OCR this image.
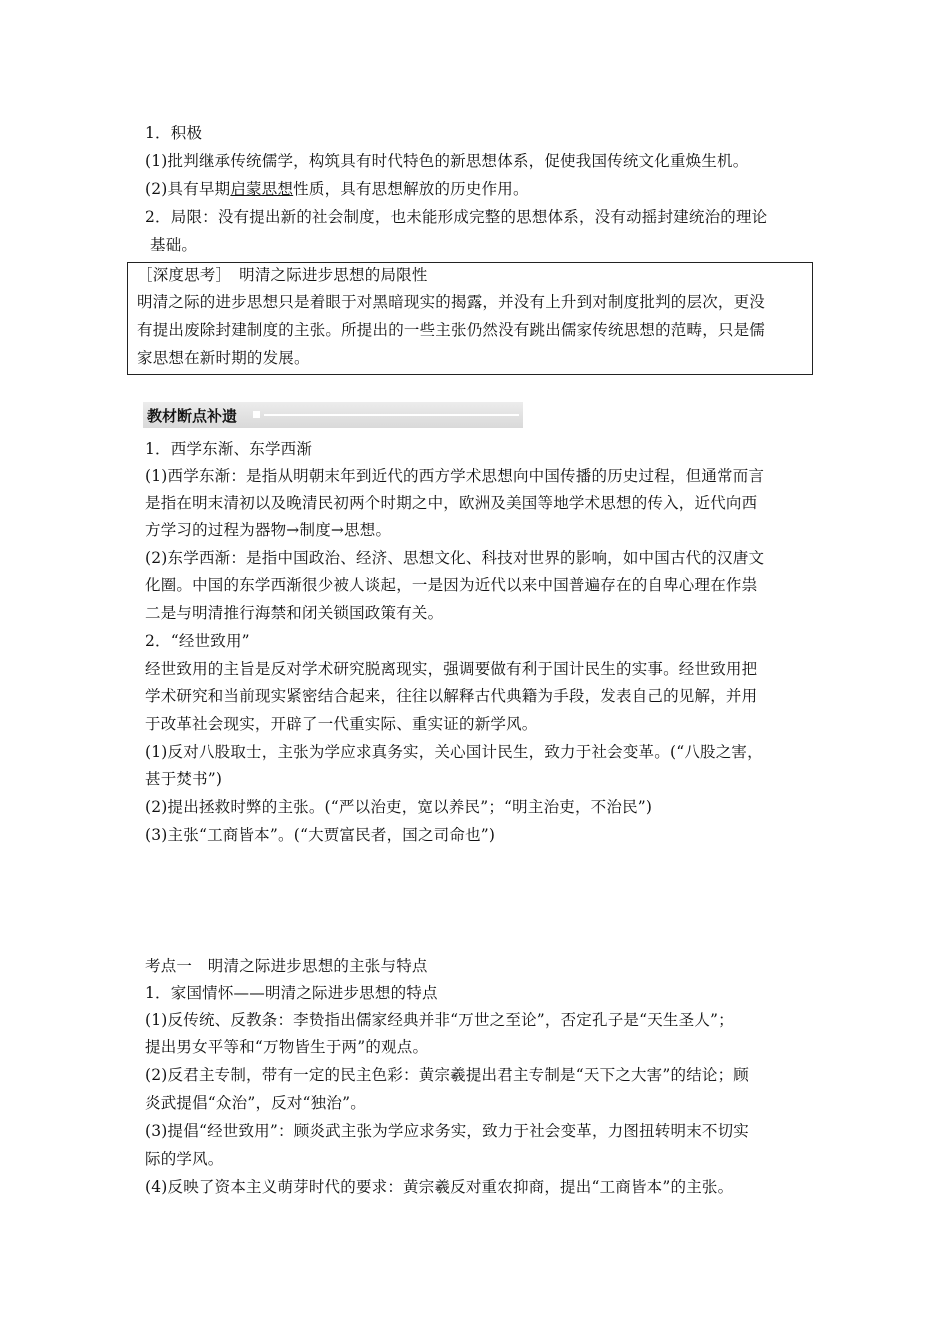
1．积极
(1)批判继承传统儒学，构筑具有时代特色的新思想体系，促使我国传统文化重焕生机。
(2)具有早期启蒙思想性质，具有思想解放的历史作用。
2．局限：没有提出新的社会制度，也未能形成完整的思想体系，没有动摇封建统治的理论
基础。
［深度思考］　明清之际进步思想的局限性
明清之际的进步思想只是着眼于对黑暗现实的揭露，并没有上升到对制度批判的层次，更没
有提出废除封建制度的主张。所提出的一些主张仍然没有跳出儒家传统思想的范畴，只是儒
家思想在新时期的发展。
教材断点补遗
1．西学东渐、东学西渐
(1)西学东渐：是指从明朝末年到近代的西方学术思想向中国传播的历史过程，但通常而言
是指在明末清初以及晚清民初两个时期之中，欧洲及美国等地学术思想的传入，近代向西
方学习的过程为器物→制度→思想。
(2)东学西渐：是指中国政治、经济、思想文化、科技对世界的影响，如中国古代的汉唐文
化圈。中国的东学西渐很少被人谈起，一是因为近代以来中国普遍存在的自卑心理在作祟
二是与明清推行海禁和闭关锁国政策有关。
2．“经世致用”
经世致用的主旨是反对学术研究脱离现实，强调要做有利于国计民生的实事。经世致用把
学术研究和当前现实紧密结合起来，往往以解释古代典籍为手段，发表自己的见解，并用
于改革社会现实，开辟了一代重实际、重实证的新学风。
(1)反对八股取士，主张为学应求真务实，关心国计民生，致力于社会变革。(“八股之害，
甚于焚书”)
(2)提出拯救时弊的主张。(“严以治吏，宽以养民”；“明主治吏，不治民”)
(3)主张“工商皆本”。(“大贾富民者，国之司命也”)
考点一　明清之际进步思想的主张与特点
1．家国情怀——明清之际进步思想的特点
(1)反传统、反教条：李贽指出儒家经典并非“万世之至论”，否定孔子是“天生圣人”；
提出男女平等和“万物皆生于两”的观点。
(2)反君主专制，带有一定的民主色彩：黄宗羲提出君主专制是“天下之大害”的结论；顾
炎武提倡“众治”，反对“独治”。
(3)提倡“经世致用”：顾炎武主张为学应求务实，致力于社会变革，力图扭转明末不切实
际的学风。
(4)反映了资本主义萌芽时代的要求：黄宗羲反对重农抑商，提出“工商皆本”的主张。
